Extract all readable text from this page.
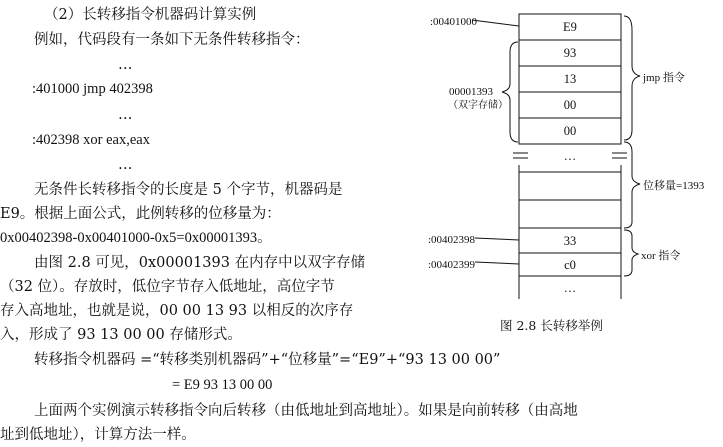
（2）长转移指令机器码计算实例
例如，代码段有一条如下无条件转移指令：
…
:401000 jmp 402398
…
:402398 xor eax,eax
…
无条件长转移指令的长度是 5 个字节，机器码是
E9。根据上面公式，此例转移的位移量为：
0x00402398-0x00401000-0x5=0x00001393。
由图 2.8 可见，0x00001393 在内存中以双字存储
（32 位）。存放时，低位字节存入低地址，高位字节
存入高地址，也就是说，00 00 13 93 以相反的次序存
入，形成了 93 13 00 00 存储形式。
转移指令机器码 =“转移类别机器码”+“位移量”=“E9”+“93 13 00 00”
= E9 93 13 00 00
上面两个实例演示转移指令向后转移（由低地址到高地址）。如果是向前转移（由高地
址到低地址），计算方法一样。
:00401000
00001393
（双字存储）
:00402398
:00402399
E9
93
13
00
00
…
33
c0
…
jmp 指令
位移量=1393
xor 指令
图 2.8 长转移举例
